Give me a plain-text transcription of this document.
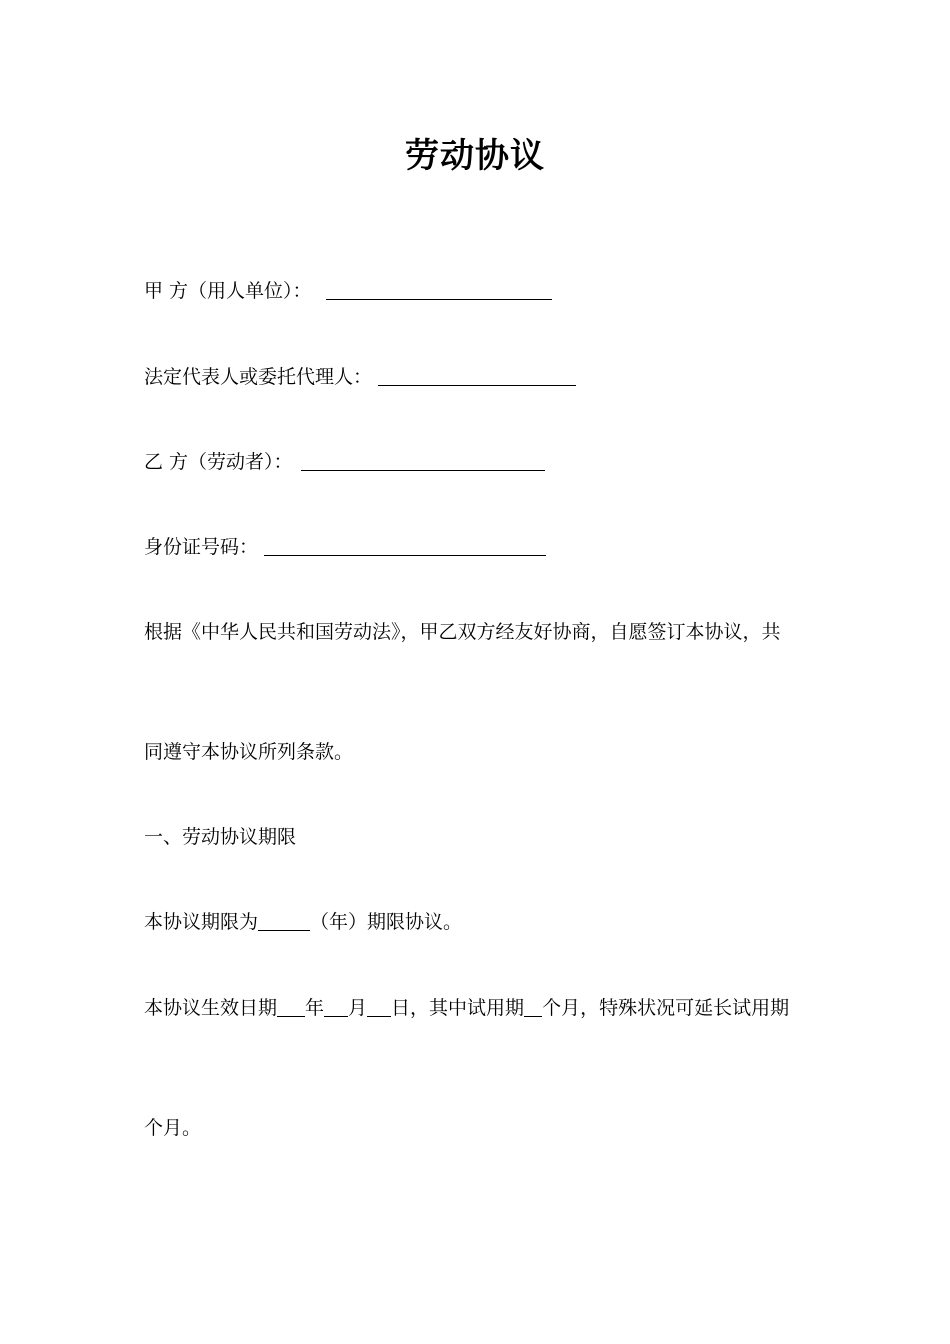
劳动协议
甲 方（用人单位）：
法定代表人或委托代理人：
乙 方（劳动者）：
身份证号码：
根据《中华人民共和国劳动法》，甲乙双方经友好协商，自愿签订本协议，共
同遵守本协议所列条款。
一、劳动协议期限
本协议期限为	（年）期限协议。
本协议生效日期 年 月 日，其中试用期 个月，特殊状况可延长试用期
个月。
